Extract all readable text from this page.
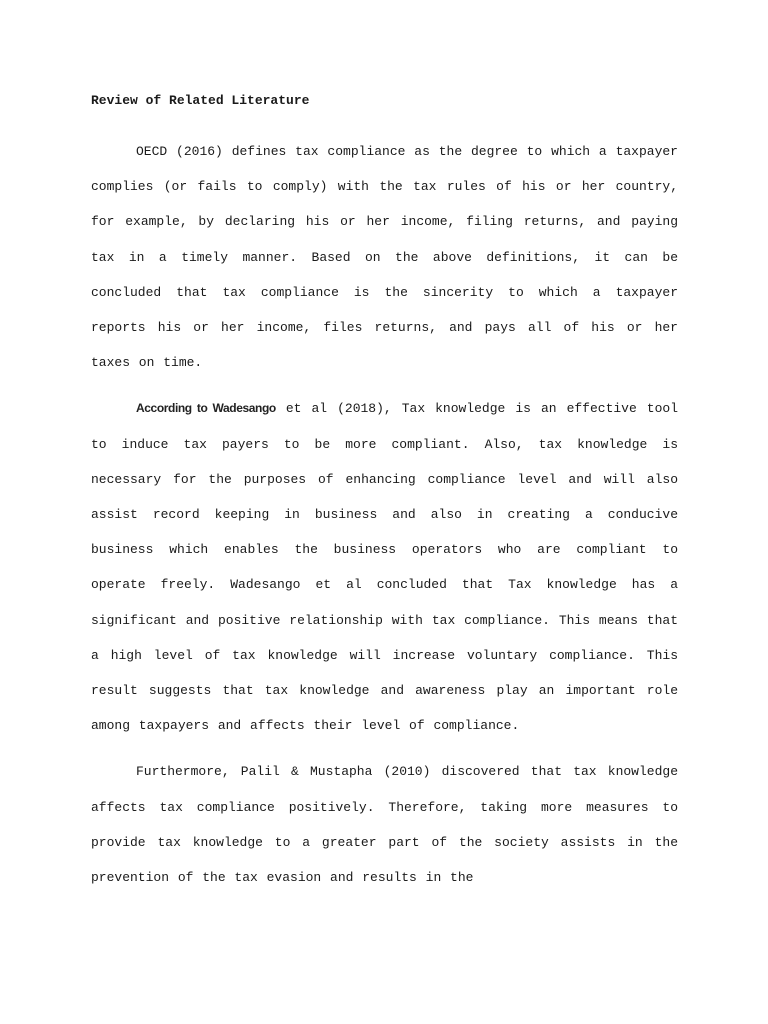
Review of Related Literature

OECD (2016) defines tax compliance as the degree to which a taxpayer complies (or fails to comply) with the tax rules of his or her country, for example, by declaring his or her income, filing returns, and paying tax in a timely manner. Based on the above definitions, it can be concluded that tax compliance is the sincerity to which a taxpayer reports his or her income, files returns, and pays all of his or her taxes on time.

According to Wadesango et al (2018), Tax knowledge is an effective tool to induce tax payers to be more compliant. Also, tax knowledge is necessary for the purposes of enhancing compliance level and will also assist record keeping in business and also in creating a conducive business which enables the business operators who are compliant to operate freely. Wadesango et al concluded that Tax knowledge has a significant and positive relationship with tax compliance. This means that a high level of tax knowledge will increase voluntary compliance. This result suggests that tax knowledge and awareness play an important role among taxpayers and affects their level of compliance.

Furthermore, Palil & Mustapha (2010) discovered that tax knowledge affects tax compliance positively. Therefore, taking more measures to provide tax knowledge to a greater part of the society assists in the prevention of the tax evasion and results in the
